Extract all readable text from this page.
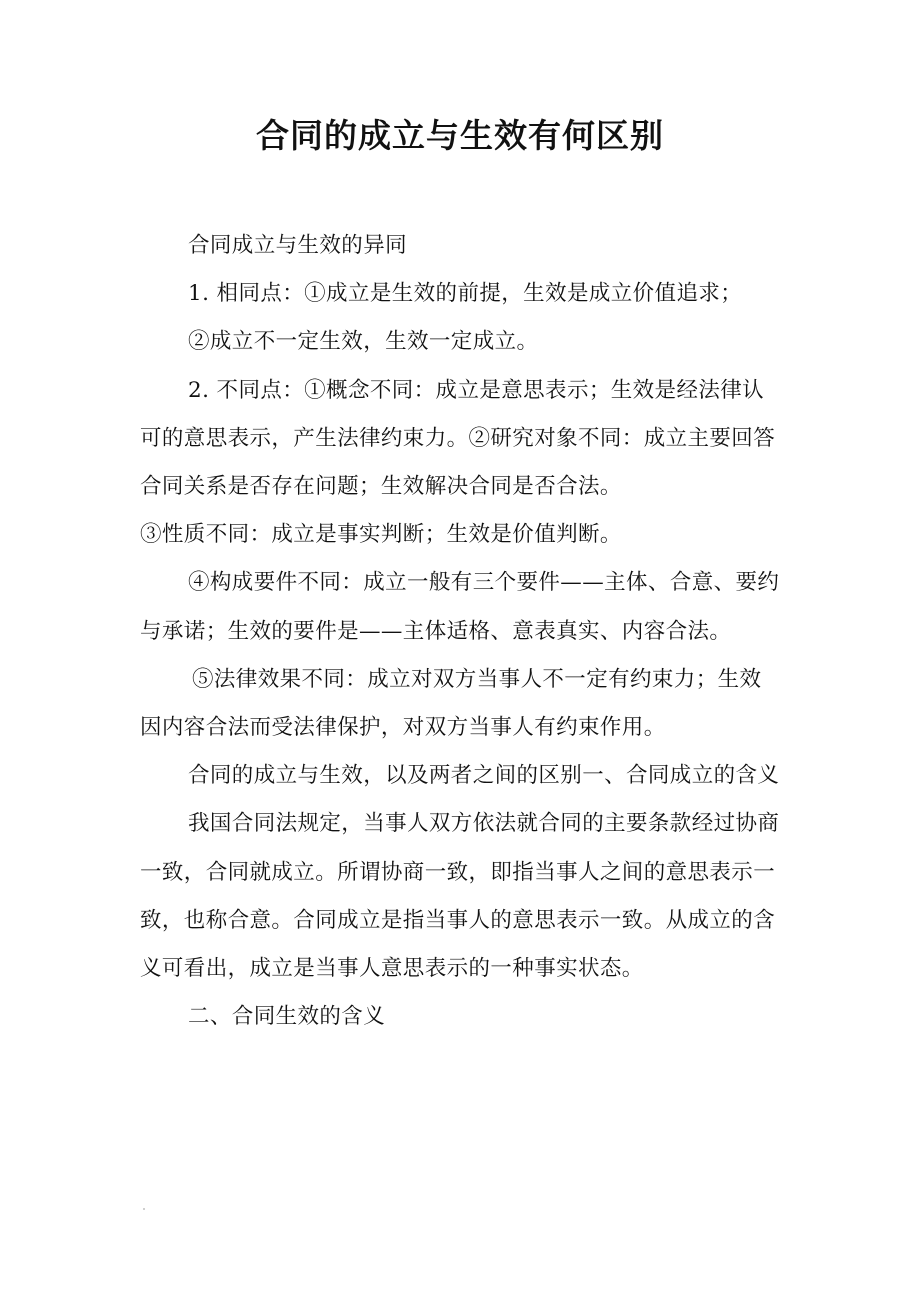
合同的成立与生效有何区别

合同成立与生效的异同

1. 相同点：①成立是生效的前提，生效是成立价值追求；

②成立不一定生效，生效一定成立。

2. 不同点：①概念不同：成立是意思表示；生效是经法律认可的意思表示，产生法律约束力。②研究对象不同：成立主要回答合同关系是否存在问题；生效解决合同是否合法。

③性质不同：成立是事实判断；生效是价值判断。

④构成要件不同：成立一般有三个要件——主体、合意、要约与承诺；生效的要件是——主体适格、意表真实、内容合法。

⑤法律效果不同：成立对双方当事人不一定有约束力；生效因内容合法而受法律保护，对双方当事人有约束作用。

合同的成立与生效，以及两者之间的区别一、合同成立的含义

我国合同法规定，当事人双方依法就合同的主要条款经过协商一致，合同就成立。所谓协商一致，即指当事人之间的意思表示一致，也称合意。合同成立是指当事人的意思表示一致。从成立的含义可看出，成立是当事人意思表示的一种事实状态。

二、合同生效的含义
